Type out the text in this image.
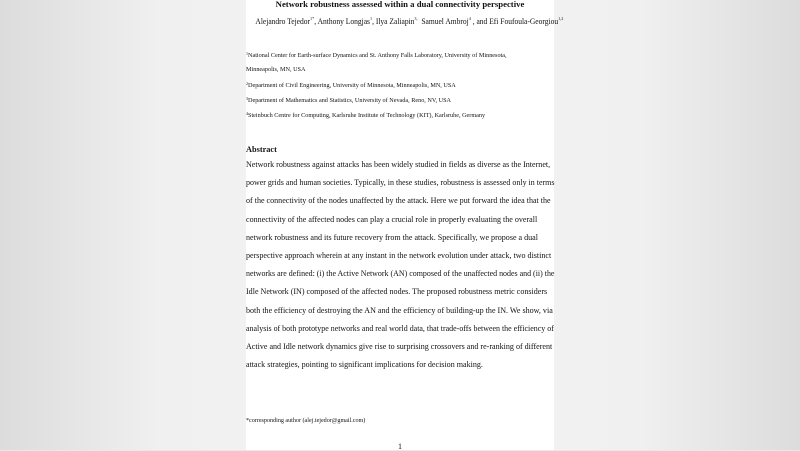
Network robustness assessed within a dual connectivity perspective
Alejandro Tejedor$^{1*}$, Anthony Longjas$^1$, Ilya Zaliapin$^{3,}$ Samuel Ambroj$^4$ , and Efi Foufoula-Georgiou$^{1,2}$
$^1$National Center for Earth-surface Dynamics and St. Anthony Falls Laboratory, University of Minnesota,
Minneapolis, MN, USA
$^2$Department of Civil Engineering, University of Minnesota, Minneapolis, MN, USA
$^3$Department of Mathematics and Statistics, University of Nevada, Reno, NV, USA
$^4$Steinbuch Centre for Computing, Karlsruhe Institute of Technology (KIT), Karlsruhe, Germany
Abstract
Network robustness against attacks has been widely studied in fields as diverse as the Internet,
power grids and human societies. Typically, in these studies, robustness is assessed only in terms
of the connectivity of the nodes unaffected by the attack. Here we put forward the idea that the
connectivity of the affected nodes can play a crucial role in properly evaluating the overall
network robustness and its future recovery from the attack. Specifically, we propose a dual
perspective approach wherein at any instant in the network evolution under attack, two distinct
networks are defined: (i) the Active Network (AN) composed of the unaffected nodes and (ii) the
Idle Network (IN) composed of the affected nodes. The proposed robustness metric considers
both the efficiency of destroying the AN and the efficiency of building-up the IN. We show, via
analysis of both prototype networks and real world data, that trade-offs between the efficiency of
Active and Idle network dynamics give rise to surprising crossovers and re-ranking of different
attack strategies, pointing to significant implications for decision making.
*corresponding author (alej.tejedor@gmail.com)
1
